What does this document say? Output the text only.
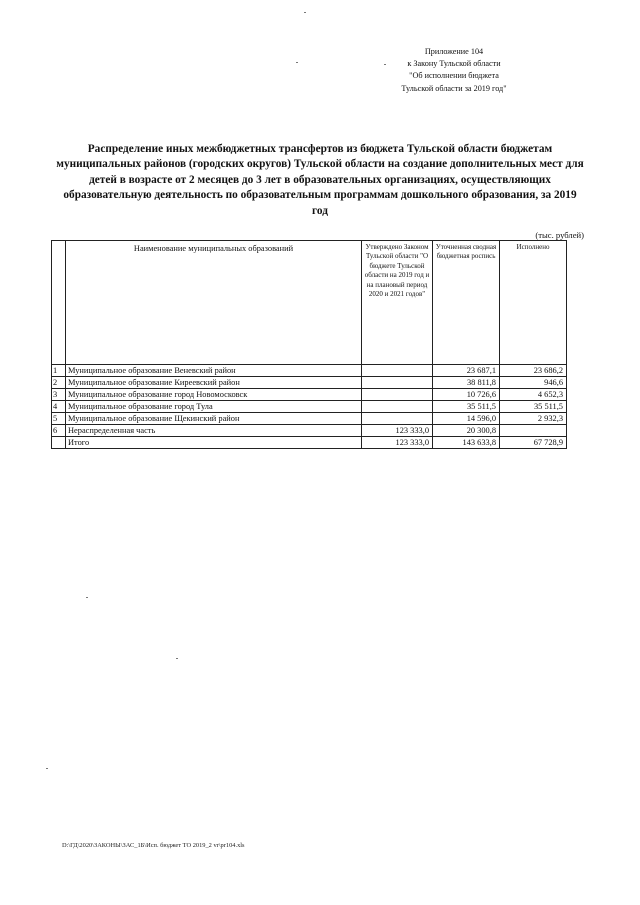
Приложение 104
к Закону Тульской области
"Об исполнении бюджета
Тульской области за 2019 год"
Распределение иных межбюджетных трансфертов из бюджета Тульской области бюджетам муниципальных районов (городских округов) Тульской области на создание дополнительных мест для детей в возрасте от 2 месяцев до 3 лет в образовательных организациях, осуществляющих образовательную деятельность по образовательным программам дошкольного образования, за 2019 год
(тыс. рублей)
	Наименование муниципальных образований	Утверждено Законом Тульской области "О бюджете Тульской области на 2019 год и на плановый период 2020 и 2021 годов"	Уточненная сводная бюджетная роспись	Исполнено
1	Муниципальное образование Веневский район		23 687,1	23 686,2
2	Муниципальное образование Киреевский район		38 811,8	946,6
3	Муниципальное образование город Новомосковск		10 726,6	4 652,3
4	Муниципальное образование город Тула		35 511,5	35 511,5
5	Муниципальное образование Щекинский район		14 596,0	2 932,3
6	Нераспределенная часть	123 333,0	20 300,8	
	Итого	123 333,0	143 633,8	67 728,9
D:\ГД\2020\ЗАКОНЫ\ЗАС_1Б\Исп. бюджет ТО 2019_2 vr\pr104.xls
